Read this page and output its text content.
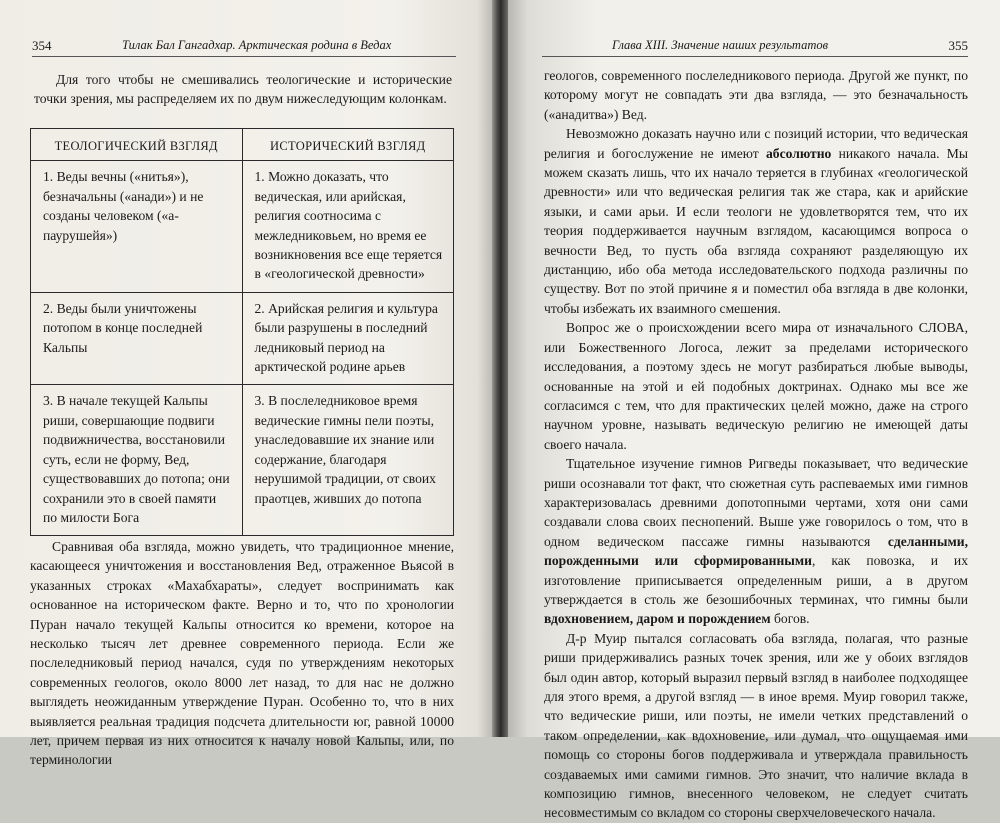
354	Тилак Бал Гангадхар. Арктическая родина в Ведах

Для того чтобы не смешивались теологические и исторические точки зрения, мы распределяем их по двум нижеследующим колонкам.

ТЕОЛОГИЧЕСКИЙ ВЗГЛЯД	ИСТОРИЧЕСКИЙ ВЗГЛЯД
1. Веды вечны («нитья»), безначальны («анади») и не созданы человеком («а-паурушейя»)	1. Можно доказать, что ведическая, или арийская, религия соотносима с межледниковьем, но время ее возникновения все еще теряется в «геологической древности»
2. Веды были уничтожены потопом в конце последней Кальпы	2. Арийская религия и культура были разрушены в последний ледниковый период на арктической родине арьев
3. В начале текущей Кальпы риши, совершающие подвиги подвижничества, восстановили суть, если не форму, Вед, существовавших до потопа; они сохранили это в своей памяти по милости Бога	3. В послеледниковое время ведические гимны пели поэты, унаследовавшие их знание или содержание, благодаря нерушимой традиции, от своих праотцев, живших до потопа

Сравнивая оба взгляда, можно увидеть, что традиционное мнение, касающееся уничтожения и восстановления Вед, отраженное Вьясой в указанных строках «Махабхараты», следует воспринимать как основанное на историческом факте. Верно и то, что по хронологии Пуран начало текущей Кальпы относится ко времени, которое на несколько тысяч лет древнее современного периода. Если же послеледниковый период начался, судя по утверждениям некоторых современных геологов, около 8000 лет назад, то для нас не должно выглядеть неожиданным утверждение Пуран. Особенно то, что в них выявляется реальная традиция подсчета длительности юг, равной 10000 лет, причем первая из них относится к началу новой Кальпы, или, по терминологии

Глава XIII. Значение наших результатов	355

геологов, современного послеледникового периода. Другой же пункт, по которому могут не совпадать эти два взгляда, — это безначальность («анадитва») Вед.

Невозможно доказать научно или с позиций истории, что ведическая религия и богослужение не имеют абсолютно никакого начала. Мы можем сказать лишь, что их начало теряется в глубинах «геологической древности» или что ведическая религия так же стара, как и арийские языки, и сами арьи. И если теологи не удовлетворятся тем, что их теория поддерживается научным взглядом, касающимся вопроса о вечности Вед, то пусть оба взгляда сохраняют разделяющую их дистанцию, ибо оба метода исследовательского подхода различны по существу. Вот по этой причине я и поместил оба взгляда в две колонки, чтобы избежать их взаимного смешения.

Вопрос же о происхождении всего мира от изначального СЛОВА, или Божественного Логоса, лежит за пределами исторического исследования, а поэтому здесь не могут разбираться любые выводы, основанные на этой и ей подобных доктринах. Однако мы все же согласимся с тем, что для практических целей можно, даже на строго научном уровне, называть ведическую религию не имеющей даты своего начала.

Тщательное изучение гимнов Ригведы показывает, что ведические риши осознавали тот факт, что сюжетная суть распеваемых ими гимнов характеризовалась древними допотопными чертами, хотя они сами создавали слова своих песнопений. Выше уже говорилось о том, что в одном ведическом пассаже гимны называются сделанными, порожденными или сформированными, как повозка, и их изготовление приписывается определенным риши, а в другом утверждается в столь же безошибочных терминах, что гимны были вдохновением, даром и порождением богов.

Д-р Муир пытался согласовать оба взгляда, полагая, что разные риши придерживались разных точек зрения, или же у обоих взглядов был один автор, который выразил первый взгляд в наиболее подходящее для этого время, а другой взгляд — в иное время. Муир говорил также, что ведические риши, или поэты, не имели четких представлений о таком определении, как вдохновение, или думал, что ощущаемая ими помощь со стороны богов поддерживала и утверждала правильность создаваемых ими самими гимнов. Это значит, что наличие вклада в композицию гимнов, внесенного человеком, не следует считать несовместимым со вкладом со стороны сверхчеловеческого начала.
